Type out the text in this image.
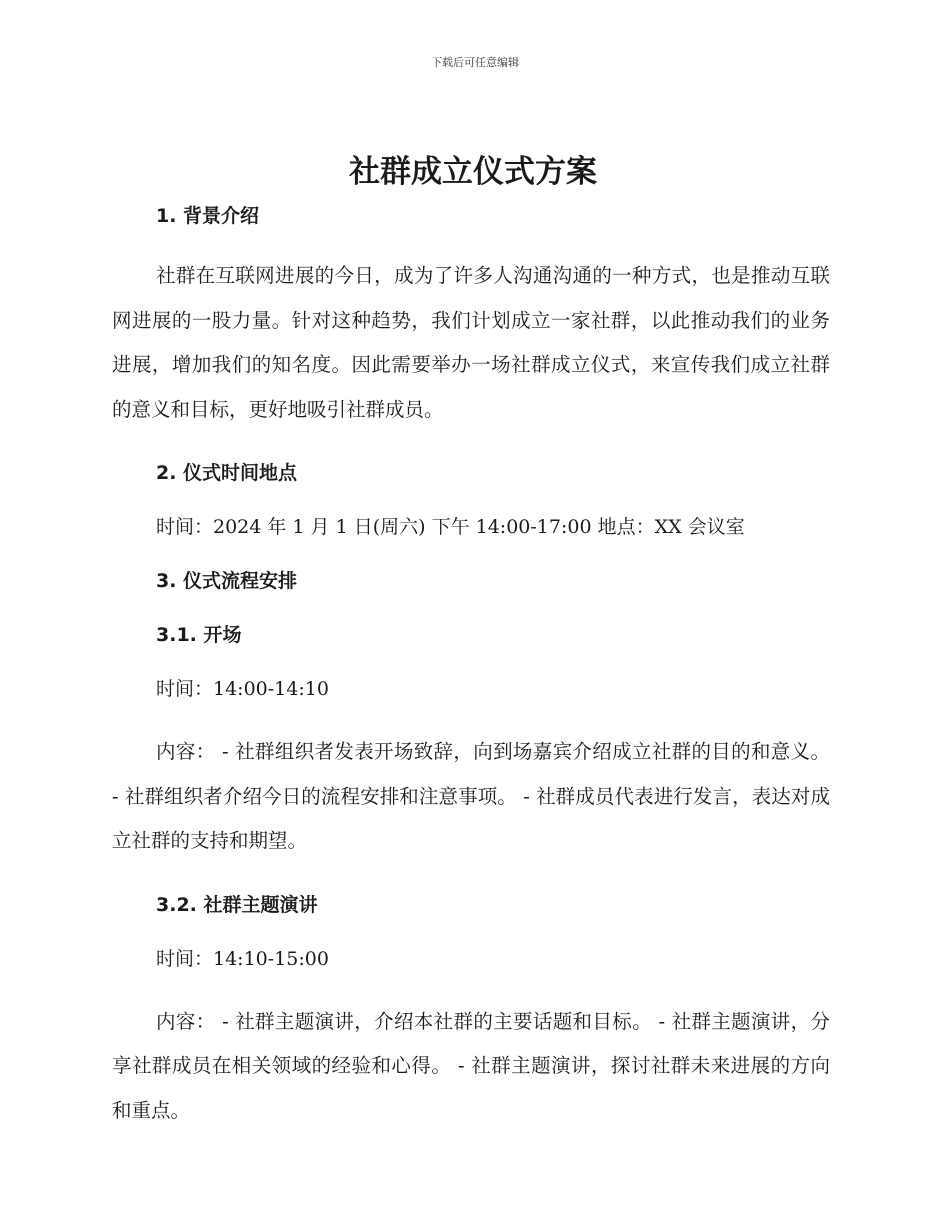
下载后可任意编辑
社群成立仪式方案
1. 背景介绍

社群在互联网进展的今日，成为了许多人沟通沟通的一种方式，也是推动互联网进展的一股力量。针对这种趋势，我们计划成立一家社群，以此推动我们的业务进展，增加我们的知名度。因此需要举办一场社群成立仪式，来宣传我们成立社群的意义和目标，更好地吸引社群成员。

2. 仪式时间地点

时间：2024 年 1 月 1 日(周六) 下午 14:00-17:00 地点：XX 会议室

3. 仪式流程安排
3.1. 开场

时间：14:00-14:10

内容： - 社群组织者发表开场致辞，向到场嘉宾介绍成立社群的目的和意义。 - 社群组织者介绍今日的流程安排和注意事项。 - 社群成员代表进行发言，表达对成立社群的支持和期望。

3.2. 社群主题演讲

时间：14:10-15:00

内容： - 社群主题演讲，介绍本社群的主要话题和目标。 - 社群主题演讲，分享社群成员在相关领域的经验和心得。 - 社群主题演讲，探讨社群未来进展的方向和重点。
